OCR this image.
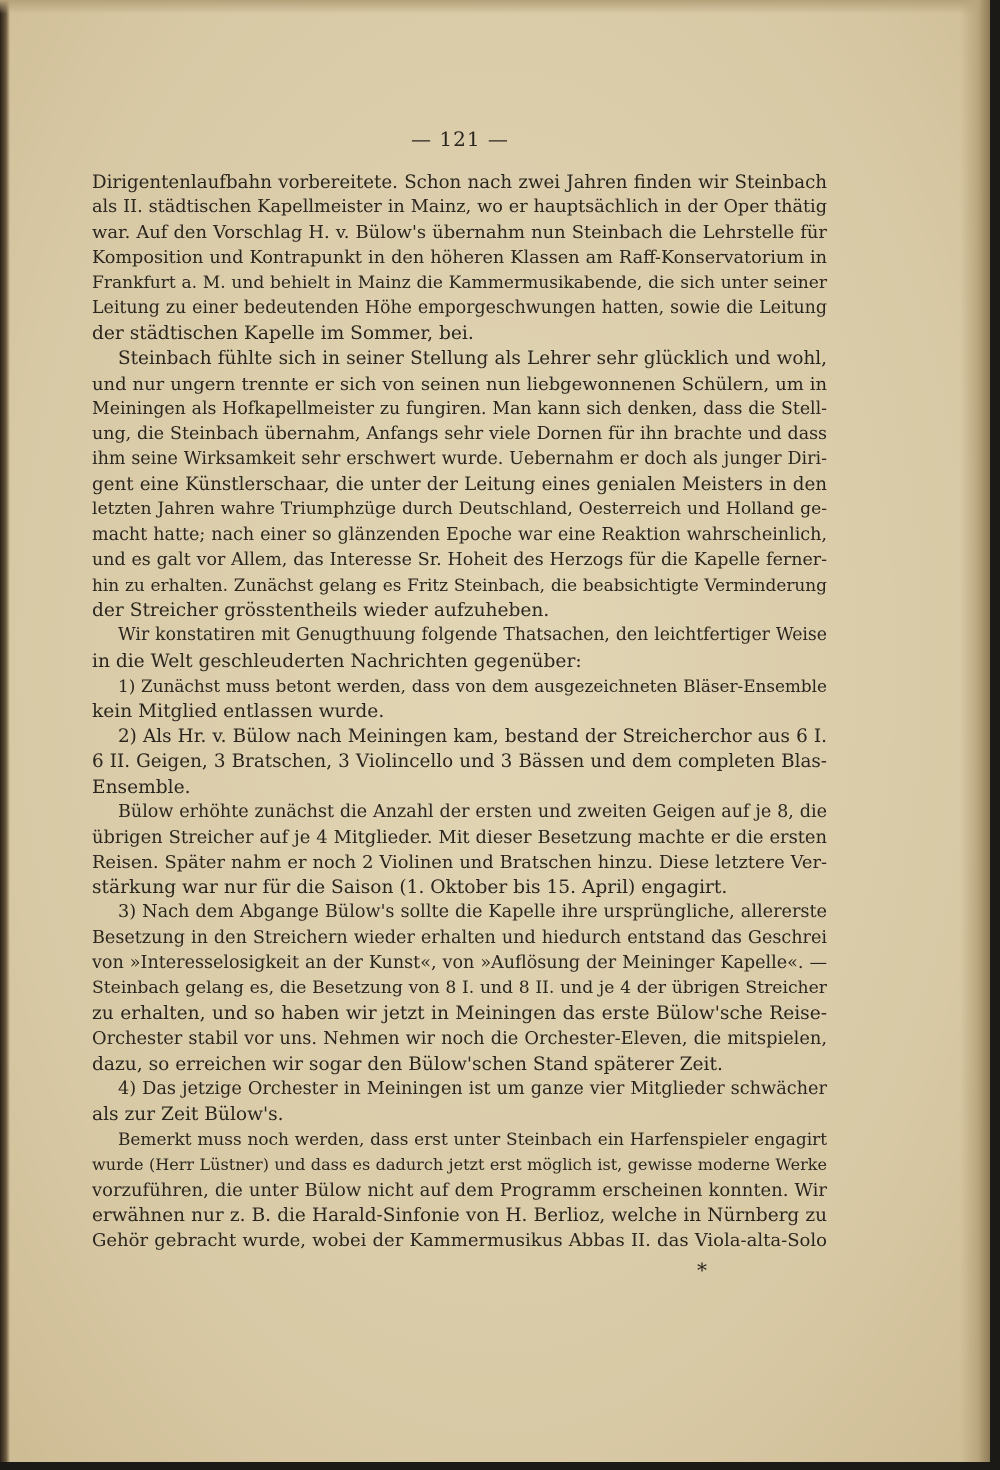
— 121 —
Dirigentenlaufbahn vorbereitete. Schon nach zwei Jahren finden wir Steinbach
als II. städtischen Kapellmeister in Mainz, wo er hauptsächlich in der Oper thätig
war. Auf den Vorschlag H. v. Bülow's übernahm nun Steinbach die Lehrstelle für
Komposition und Kontrapunkt in den höheren Klassen am Raff-Konservatorium in
Frankfurt a. M. und behielt in Mainz die Kammermusikabende, die sich unter seiner
Leitung zu einer bedeutenden Höhe emporgeschwungen hatten, sowie die Leitung
der städtischen Kapelle im Sommer, bei.
Steinbach fühlte sich in seiner Stellung als Lehrer sehr glücklich und wohl,
und nur ungern trennte er sich von seinen nun liebgewonnenen Schülern, um in
Meiningen als Hofkapellmeister zu fungiren. Man kann sich denken, dass die Stell-
ung, die Steinbach übernahm, Anfangs sehr viele Dornen für ihn brachte und dass
ihm seine Wirksamkeit sehr erschwert wurde. Uebernahm er doch als junger Diri-
gent eine Künstlerschaar, die unter der Leitung eines genialen Meisters in den
letzten Jahren wahre Triumphzüge durch Deutschland, Oesterreich und Holland ge-
macht hatte; nach einer so glänzenden Epoche war eine Reaktion wahrscheinlich,
und es galt vor Allem, das Interesse Sr. Hoheit des Herzogs für die Kapelle ferner-
hin zu erhalten. Zunächst gelang es Fritz Steinbach, die beabsichtigte Verminderung
der Streicher grösstentheils wieder aufzuheben.
Wir konstatiren mit Genugthuung folgende Thatsachen, den leichtfertiger Weise
in die Welt geschleuderten Nachrichten gegenüber:
1) Zunächst muss betont werden, dass von dem ausgezeichneten Bläser-Ensemble
kein Mitglied entlassen wurde.
2) Als Hr. v. Bülow nach Meiningen kam, bestand der Streicherchor aus 6 I.
6 II. Geigen, 3 Bratschen, 3 Violincello und 3 Bässen und dem completen Blas-
Ensemble.
Bülow erhöhte zunächst die Anzahl der ersten und zweiten Geigen auf je 8, die
übrigen Streicher auf je 4 Mitglieder. Mit dieser Besetzung machte er die ersten
Reisen. Später nahm er noch 2 Violinen und Bratschen hinzu. Diese letztere Ver-
stärkung war nur für die Saison (1. Oktober bis 15. April) engagirt.
3) Nach dem Abgange Bülow's sollte die Kapelle ihre ursprüngliche, allererste
Besetzung in den Streichern wieder erhalten und hiedurch entstand das Geschrei
von »Interesselosigkeit an der Kunst«, von »Auflösung der Meininger Kapelle«. —
Steinbach gelang es, die Besetzung von 8 I. und 8 II. und je 4 der übrigen Streicher
zu erhalten, und so haben wir jetzt in Meiningen das erste Bülow'sche Reise-
Orchester stabil vor uns. Nehmen wir noch die Orchester-Eleven, die mitspielen,
dazu, so erreichen wir sogar den Bülow'schen Stand späterer Zeit.
4) Das jetzige Orchester in Meiningen ist um ganze vier Mitglieder schwächer
als zur Zeit Bülow's.
Bemerkt muss noch werden, dass erst unter Steinbach ein Harfenspieler engagirt
wurde (Herr Lüstner) und dass es dadurch jetzt erst möglich ist, gewisse moderne Werke
vorzuführen, die unter Bülow nicht auf dem Programm erscheinen konnten. Wir
erwähnen nur z. B. die Harald-Sinfonie von H. Berlioz, welche in Nürnberg zu
Gehör gebracht wurde, wobei der Kammermusikus Abbas II. das Viola-alta-Solo
*
